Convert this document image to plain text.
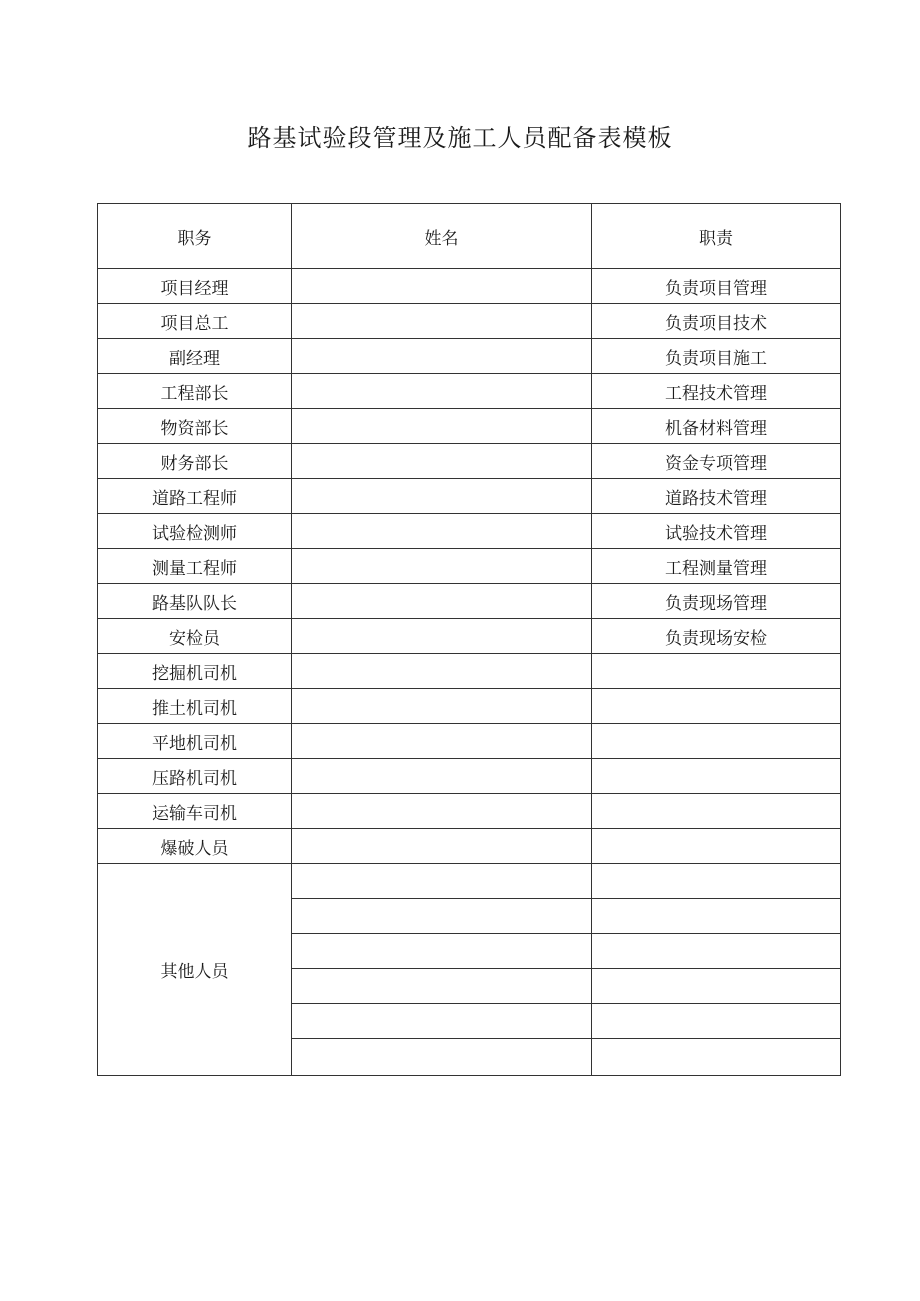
路基试验段管理及施工人员配备表模板
职务	姓名	职责
项目经理		负责项目管理
项目总工		负责项目技术
副经理		负责项目施工
工程部长		工程技术管理
物资部长		机备材料管理
财务部长		资金专项管理
道路工程师		道路技术管理
试验检测师		试验技术管理
测量工程师		工程测量管理
路基队队长		负责现场管理
安检员		负责现场安检
挖掘机司机		
推土机司机		
平地机司机		
压路机司机		
运输车司机		
爆破人员		
其他人员		
